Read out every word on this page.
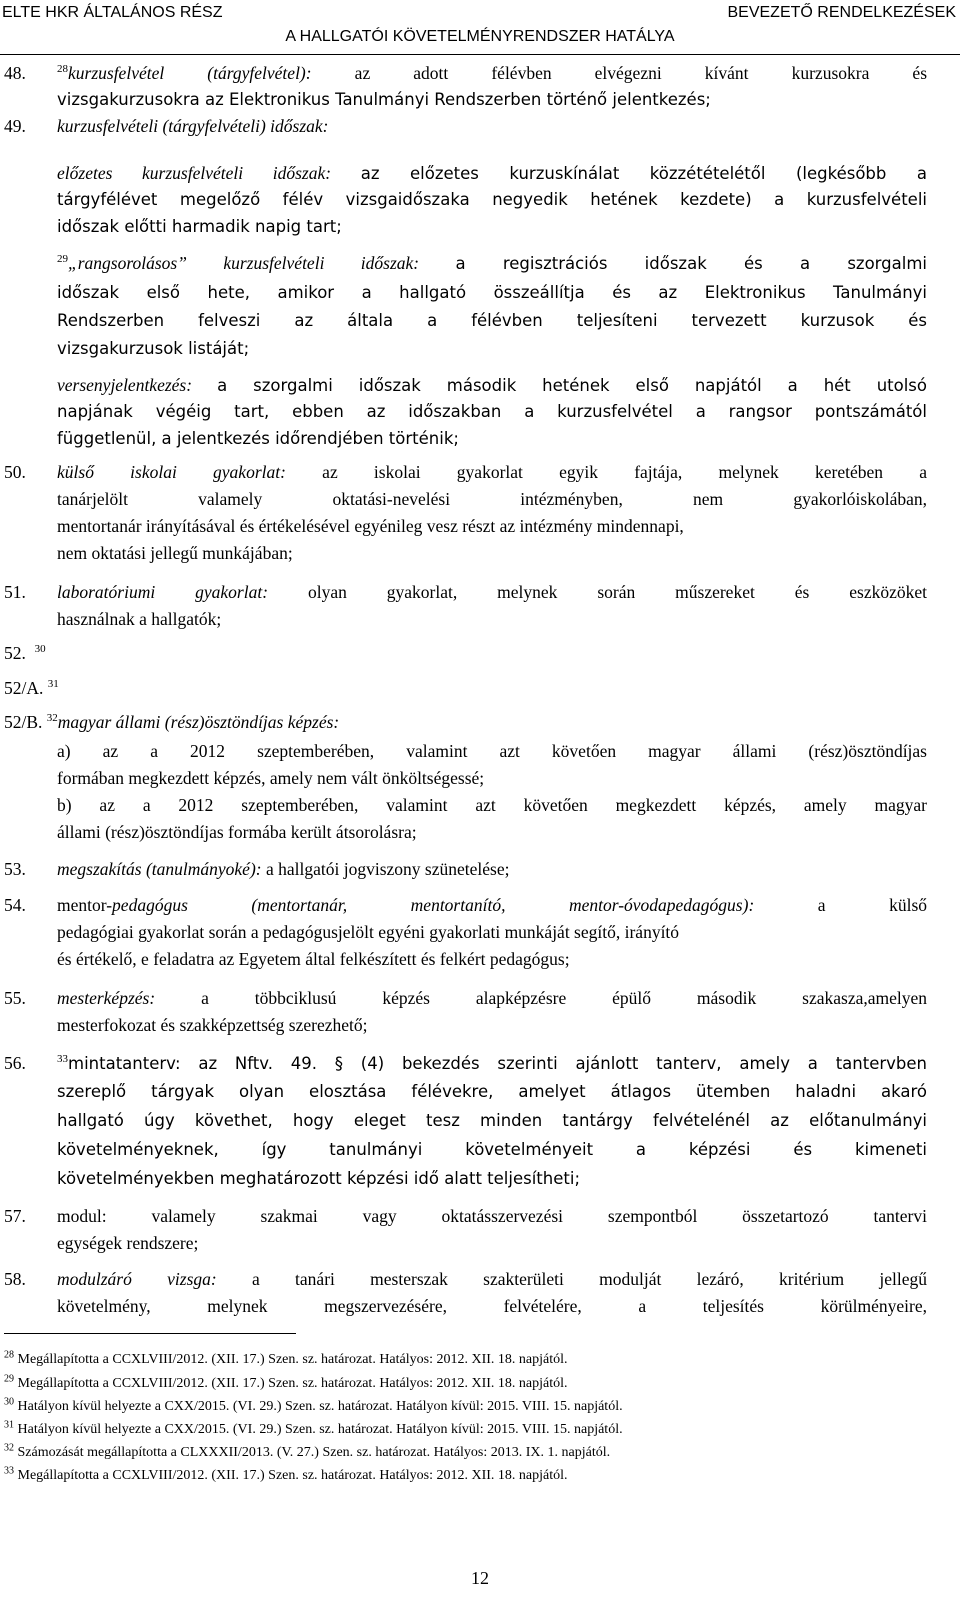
ELTE HKR ÁLTALÁNOS RÉSZ	BEVEZETŐ RENDELKEZÉSEK
A HALLGATÓI KÖVETELMÉNYRENDSZER HATÁLYA
48.	$^{28}$kurzusfelvétel (tárgyfelvétel): az adott félévben elvégezni kívánt kurzusokra és
vizsgakurzusokra az Elektronikus Tanulmányi Rendszerben történő jelentkezés;
49. kurzusfelvételi (tárgyfelvételi) időszak:
előzetes kurzusfelvételi időszak: az előzetes kurzuskínálat közzétételétől (legkésőbb a
tárgyfélévet megelőző félév vizsgaidőszaka negyedik hetének kezdete) a kurzusfelvételi
időszak előtti harmadik napig tart;
$^{29}$„rangsorolásos” kurzusfelvételi időszak: a regisztrációs időszak és a szorgalmi
időszak első hete, amikor a hallgató összeállítja és az Elektronikus Tanulmányi
Rendszerben felveszi az általa a félévben teljesíteni tervezett kurzusok és
vizsgakurzusok listáját;
versenyjelentkezés: a szorgalmi időszak második hetének első napjától a hét utolsó
napjának végéig tart, ebben az időszakban a kurzusfelvétel a rangsor pontszámától
függetlenül, a jelentkezés időrendjében történik;
50. külső iskolai gyakorlat: az iskolai gyakorlat egyik fajtája, melynek keretében a
tanárjelölt valamely oktatási-nevelési intézményben, nem gyakorlóiskolában,
mentortanár irányításával és értékelésével egyénileg vesz részt az intézmény mindennapi,
nem oktatási jellegű munkájában;
51. laboratóriumi gyakorlat: olyan gyakorlat, melynek során műszereket és eszközöket
használnak a hallgatók;
52. $^{30}$
52/A. $^{31}$
52/B. $^{32}$magyar állami (rész)ösztöndíjas képzés:
a) az a 2012 szeptemberében, valamint azt követően magyar állami (rész)ösztöndíjas
formában megkezdett képzés, amely nem vált önköltségessé;
b) az a 2012 szeptemberében, valamint azt követően megkezdett képzés, amely magyar
állami (rész)ösztöndíjas formába került átsorolásra;
53. megszakítás (tanulmányoké): a hallgatói jogviszony szünetelése;
54. mentor-pedagógus (mentortanár, mentortanító, mentor-óvodapedagógus):	a külső
pedagógiai gyakorlat során a pedagógusjelölt egyéni gyakorlati munkáját segítő, irányító
és értékelő, e feladatra az Egyetem által felkészített és felkért pedagógus;
55. mesterképzés:	a többciklusú képzés alapképzésre épülő második szakasza,amelyen
mesterfokozat és szakképzettség szerezhető;
56.	$^{33}$mintatanterv: az Nftv. 49. § (4) bekezdés szerinti ajánlott tanterv, amely a tantervben
szereplő tárgyak olyan elosztása félévekre, amelyet átlagos ütemben haladni akaró
hallgató úgy követhet, hogy eleget tesz minden tantárgy felvételénél az előtanulmányi
követelményeknek, így tanulmányi követelményeit a képzési és kimeneti
követelményekben meghatározott képzési idő alatt teljesítheti;
57. modul: valamely szakmai vagy oktatásszervezési szempontból összetartozó tantervi
egységek rendszere;
58. modulzáró vizsga: a tanári mesterszak szakterületi modulját lezáró, kritérium jellegű
követelmény, melynek megszervezésére, felvételére, a teljesítés körülményeire,
$^{28}$ Megállapította a CCXLVIII/2012. (XII. 17.) Szen. sz. határozat. Hatályos: 2012. XII. 18. napjától.
$^{29}$ Megállapította a CCXLVIII/2012. (XII. 17.) Szen. sz. határozat. Hatályos: 2012. XII. 18. napjától.
$^{30}$ Hatályon kívül helyezte a CXX/2015. (VI. 29.) Szen. sz. határozat. Hatályon kívül: 2015. VIII. 15. napjától.
$^{31}$ Hatályon kívül helyezte a CXX/2015. (VI. 29.) Szen. sz. határozat. Hatályon kívül: 2015. VIII. 15. napjától.
$^{32}$ Számozását megállapította a CLXXXII/2013. (V. 27.) Szen. sz. határozat. Hatályos: 2013. IX. 1. napjától.
$^{33}$ Megállapította a CCXLVIII/2012. (XII. 17.) Szen. sz. határozat. Hatályos: 2012. XII. 18. napjától.
12
